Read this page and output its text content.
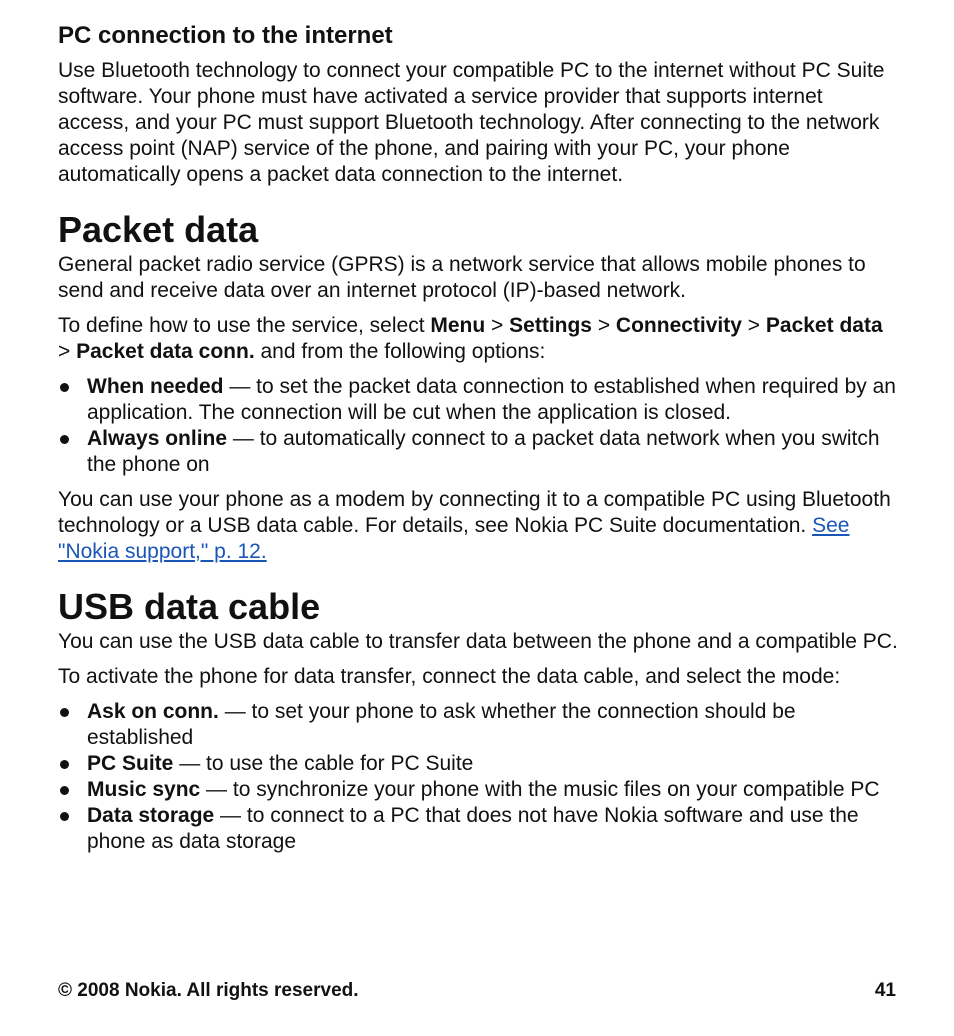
PC connection to the internet

Use Bluetooth technology to connect your compatible PC to the internet without PC Suite software. Your phone must have activated a service provider that supports internet access, and your PC must support Bluetooth technology. After connecting to the network access point (NAP) service of the phone, and pairing with your PC, your phone automatically opens a packet data connection to the internet.

Packet data

General packet radio service (GPRS) is a network service that allows mobile phones to send and receive data over an internet protocol (IP)-based network.

To define how to use the service, select Menu > Settings > Connectivity > Packet data > Packet data conn. and from the following options:

When needed — to set the packet data connection to established when required by an application. The connection will be cut when the application is closed.
Always online — to automatically connect to a packet data network when you switch the phone on

You can use your phone as a modem by connecting it to a compatible PC using Bluetooth technology or a USB data cable. For details, see Nokia PC Suite documentation. See "Nokia support," p. 12.

USB data cable

You can use the USB data cable to transfer data between the phone and a compatible PC.

To activate the phone for data transfer, connect the data cable, and select the mode:

Ask on conn. — to set your phone to ask whether the connection should be established
PC Suite — to use the cable for PC Suite
Music sync — to synchronize your phone with the music files on your compatible PC
Data storage — to connect to a PC that does not have Nokia software and use the phone as data storage
© 2008 Nokia. All rights reserved.	41
